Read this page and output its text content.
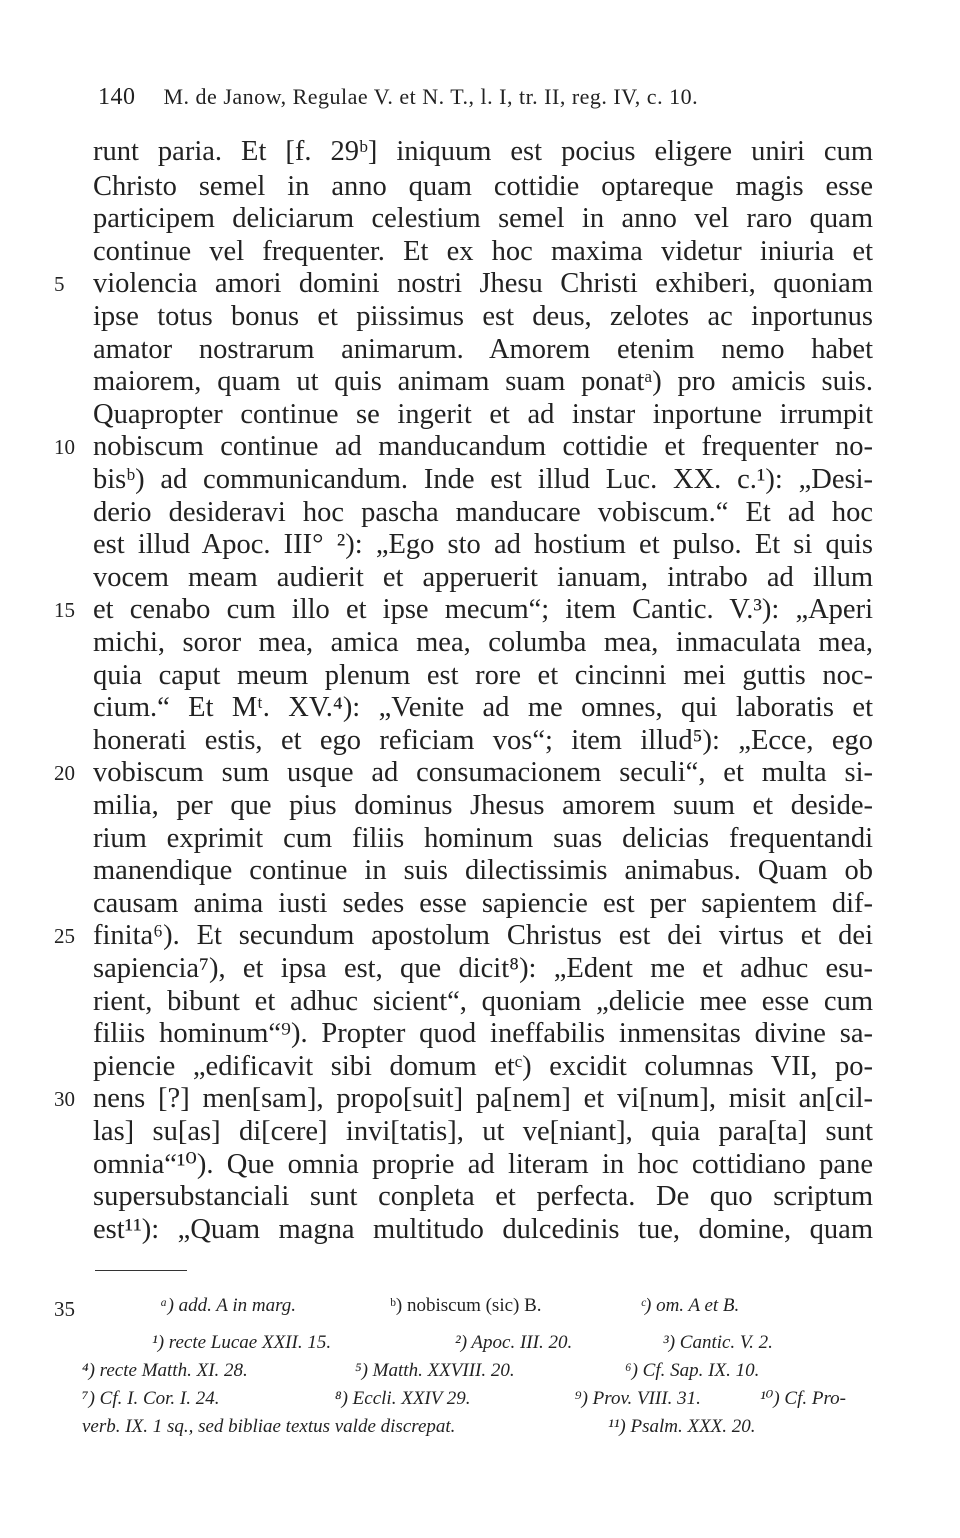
140 M. de Janow, Regulae V. et N. T., l. I, tr. II, reg. IV, c. 10.
runt paria. Et [f. 29ᵇ] iniquum est pocius eligere uniri cum
Christo semel in anno quam cottidie optareque magis esse
participem deliciarum celestium semel in anno vel raro quam
continue vel frequenter. Et ex hoc maxima videtur iniuria et
violencia amori domini nostri Jhesu Christi exhiberi, quoniam
ipse totus bonus et piissimus est deus, zelotes ac inportunus
amator nostrarum animarum. Amorem etenim nemo habet
maiorem, quam ut quis animam suam ponatᵃ) pro amicis suis.
Quapropter continue se ingerit et ad instar inportune irrumpit
nobiscum continue ad manducandum cottidie et frequenter no-
bisᵇ) ad communicandum. Inde est illud Luc. XX. c.¹): „Desi-
derio desideravi hoc pascha manducare vobiscum.“ Et ad hoc
est illud Apoc. III° ²): „Ego sto ad hostium et pulso. Et si quis
vocem meam audierit et apperuerit ianuam, intrabo ad illum
et cenabo cum illo et ipse mecum“; item Cantic. V.³): „Aperi
michi, soror mea, amica mea, columba mea, inmaculata mea,
quia caput meum plenum est rore et cincinni mei guttis noc-
cium.“ Et Mᵗ. XV.⁴): „Venite ad me omnes, qui laboratis et
honerati estis, et ego reficiam vos“; item illud⁵): „Ecce, ego
vobiscum sum usque ad consumacionem seculi“, et multa si-
milia, per que pius dominus Jhesus amorem suum et deside-
rium exprimit cum filiis hominum suas delicias frequentandi
manendique continue in suis dilectissimis animabus. Quam ob
causam anima iusti sedes esse sapiencie est per sapientem dif-
finita⁶). Et secundum apostolum Christus est dei virtus et dei
sapiencia⁷), et ipsa est, que dicit⁸): „Edent me et adhuc esu-
rient, bibunt et adhuc sicient“, quoniam „delicie mee esse cum
filiis hominum“⁹). Propter quod ineffabilis inmensitas divine sa-
piencie „edificavit sibi domum etᶜ) excidit columnas VII, po-
nens [?] men[sam], propo[suit] pa[nem] et vi[num], misit an[cil-
las] su[as] di[cere] invi[tatis], ut ve[niant], quia para[ta] sunt
omnia“¹⁰). Que omnia proprie ad literam in hoc cottidiano pane
supersubstanciali sunt conpleta et perfecta. De quo scriptum
est¹¹): „Quam magna multitudo dulcedinis tue, domine, quam
5
10
15
20
25
30
35	ᵃ) add. A in marg.	ᵇ) nobiscum (sic) B.	ᶜ) om. A et B.
¹) recte Lucae XXII. 15.	²) Apoc. III. 20.	³) Cantic. V. 2.
⁴) recte Matth. XI. 28.	⁵) Matth. XXVIII. 20.	⁶) Cf. Sap. IX. 10.
⁷) Cf. I. Cor. I. 24.	⁸) Eccli. XXIV 29.	⁹) Prov. VIII. 31.	¹⁰) Cf. Pro-
verb. IX. 1 sq., sed bibliae textus valde discrepat.	¹¹) Psalm. XXX. 20.
